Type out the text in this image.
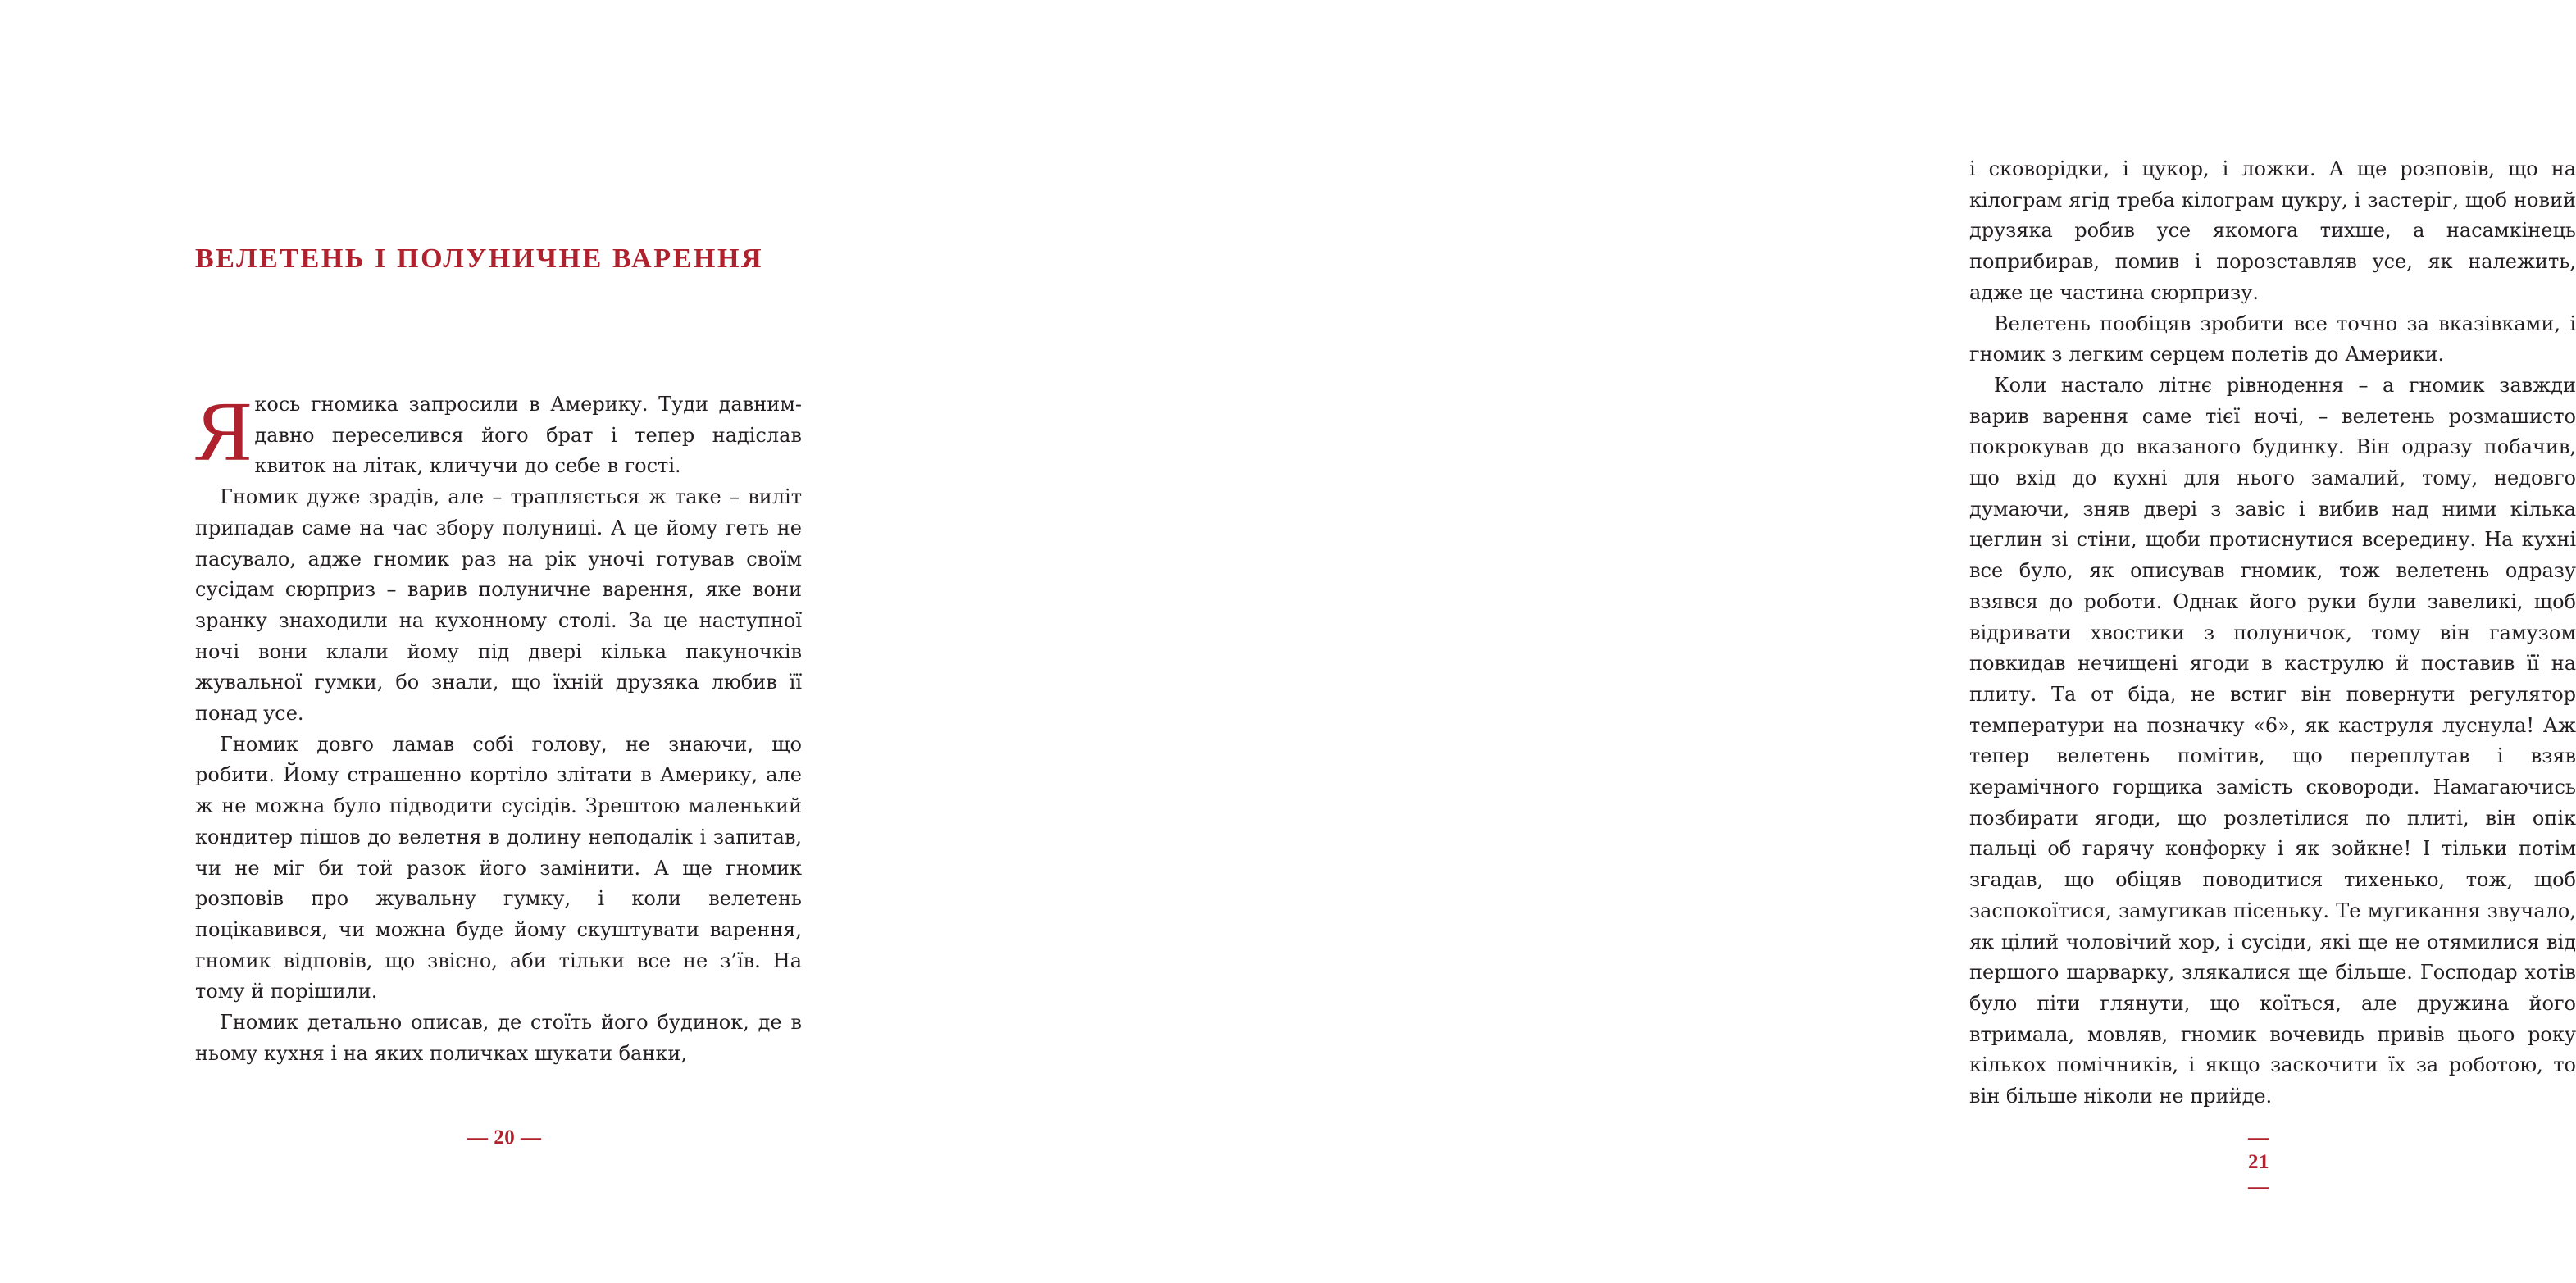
ВЕЛЕТЕНЬ І ПОЛУНИЧНЕ ВАРЕННЯ

Якось гномика запросили в Америку. Туди давним-давно переселився його брат і тепер надіслав квиток на літак, кличучи до себе в гості.

Гномик дуже зрадів, але – трапляється ж таке – виліт припадав саме на час збору полуниці. А це йому геть не пасувало, адже гномик раз на рік уночі готував своїм сусідам сюрприз – варив полуничне варення, яке вони зранку знаходили на кухонному столі. За це наступної ночі вони клали йому під двері кілька пакуночків жувальної гумки, бо знали, що їхній друзяка любив її понад усе.

Гномик довго ламав собі голову, не знаючи, що робити. Йому страшенно кортіло злітати в Америку, але ж не можна було підводити сусідів. Зрештою маленький кондитер пішов до велетня в долину неподалік і запитав, чи не міг би той разок його замінити. А ще гномик розповів про жувальну гумку, і коли велетень поцікавився, чи можна буде йому скуштувати варення, гномик відповів, що звісно, аби тільки все не з’їв. На тому й порішили.

Гномик детально описав, де стоїть його будинок, де в ньому кухня і на яких поличках шукати банки,

— 20 —

і сковорідки, і цукор, і ложки. А ще розповів, що на кілограм ягід треба кілограм цукру, і застеріг, щоб новий друзяка робив усе якомога тихше, а насамкінець поприбирав, помив і порозставляв усе, як належить, адже це частина сюрпризу.

Велетень пообіцяв зробити все точно за вказівками, і гномик з легким серцем полетів до Америки.

Коли настало літнє рівнодення – а гномик завжди варив варення саме тієї ночі, – велетень розмашисто покрокував до вказаного будинку. Він одразу побачив, що вхід до кухні для нього замалий, тому, недовго думаючи, зняв двері з завіс і вибив над ними кілька цеглин зі стіни, щоби протиснутися всередину. На кухні все було, як описував гномик, тож велетень одразу взявся до роботи. Однак його руки були завеликі, щоб відривати хвостики з полуничок, тому він гамузом повкидав нечищені ягоди в каструлю й поставив її на плиту. Та от біда, не встиг він повернути регулятор температури на позначку «6», як каструля луснула! Аж тепер велетень помітив, що переплутав і взяв керамічного горщика замість сковороди. Намагаючись позбирати ягоди, що розлетілися по плиті, він опік пальці об гарячу конфорку і як зойкне! І тільки потім згадав, що обіцяв поводитися тихенько, тож, щоб заспокоїтися, замугикав пісеньку. Те мугикання звучало, як цілий чоловічий хор, і сусіди, які ще не отямилися від першого шарварку, злякалися ще більше. Господар хотів було піти глянути, що коїться, але дружина його втримала, мовляв, гномик вочевидь привів цього року кількох помічників, і якщо заскочити їх за роботою, то він більше ніколи не прийде.

— 21 —
